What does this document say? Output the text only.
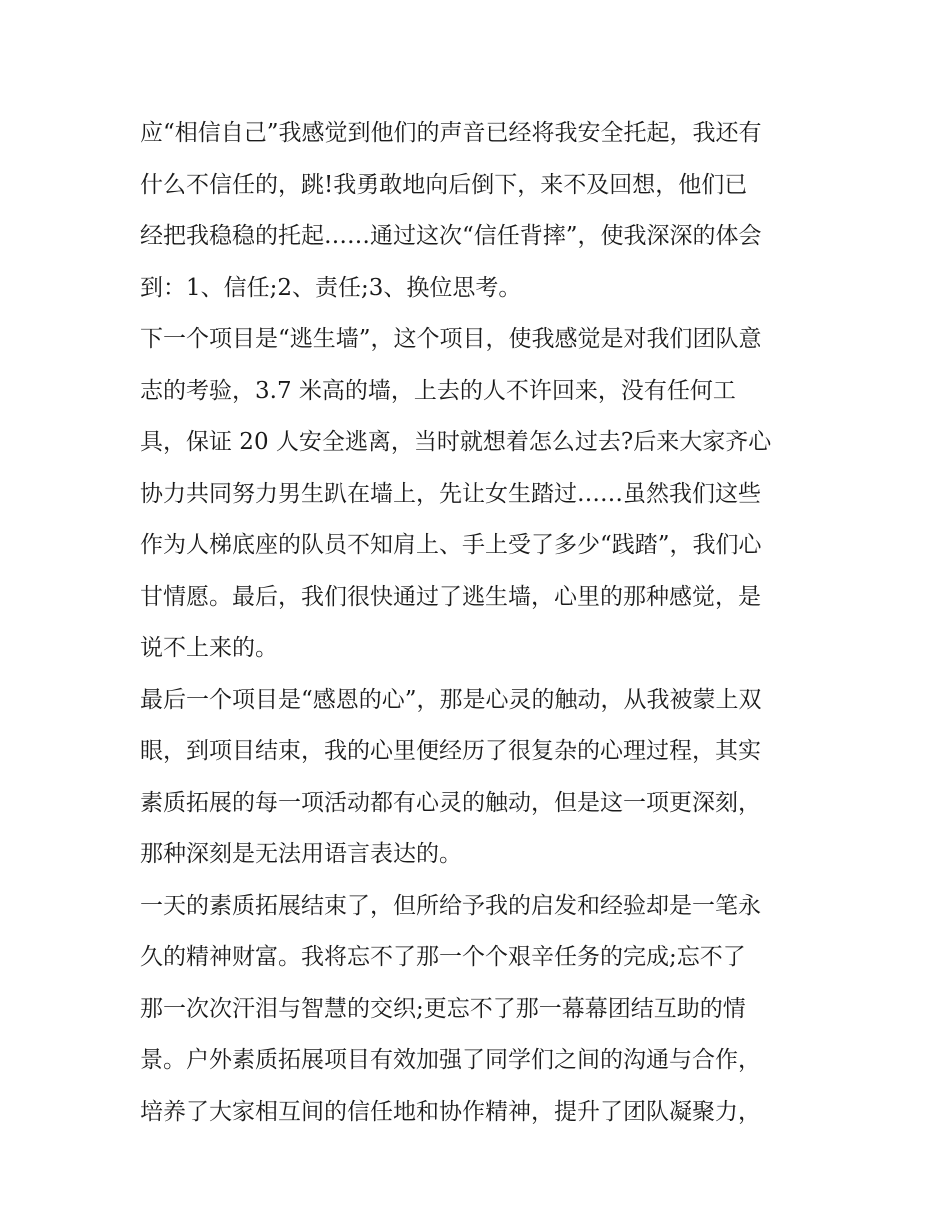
应“相信自己”我感觉到他们的声音已经将我安全托起，我还有

什么不信任的，跳!我勇敢地向后倒下，来不及回想，他们已

经把我稳稳的托起……通过这次“信任背摔”，使我深深的体会

到：1、信任;2、责任;3、换位思考。

下一个项目是“逃生墙”，这个项目，使我感觉是对我们团队意

志的考验，3.7 米高的墙，上去的人不许回来，没有任何工

具，保证 20 人安全逃离，当时就想着怎么过去?后来大家齐心

协力共同努力男生趴在墙上，先让女生踏过……虽然我们这些

作为人梯底座的队员不知肩上、手上受了多少“践踏”，我们心

甘情愿。最后，我们很快通过了逃生墙，心里的那种感觉，是

说不上来的。

最后一个项目是“感恩的心”，那是心灵的触动，从我被蒙上双

眼，到项目结束，我的心里便经历了很复杂的心理过程，其实

素质拓展的每一项活动都有心灵的触动，但是这一项更深刻，

那种深刻是无法用语言表达的。

一天的素质拓展结束了，但所给予我的启发和经验却是一笔永

久的精神财富。我将忘不了那一个个艰辛任务的完成;忘不了

那一次次汗泪与智慧的交织;更忘不了那一幕幕团结互助的情

景。户外素质拓展项目有效加强了同学们之间的沟通与合作，

培养了大家相互间的信任地和协作精神，提升了团队凝聚力，
